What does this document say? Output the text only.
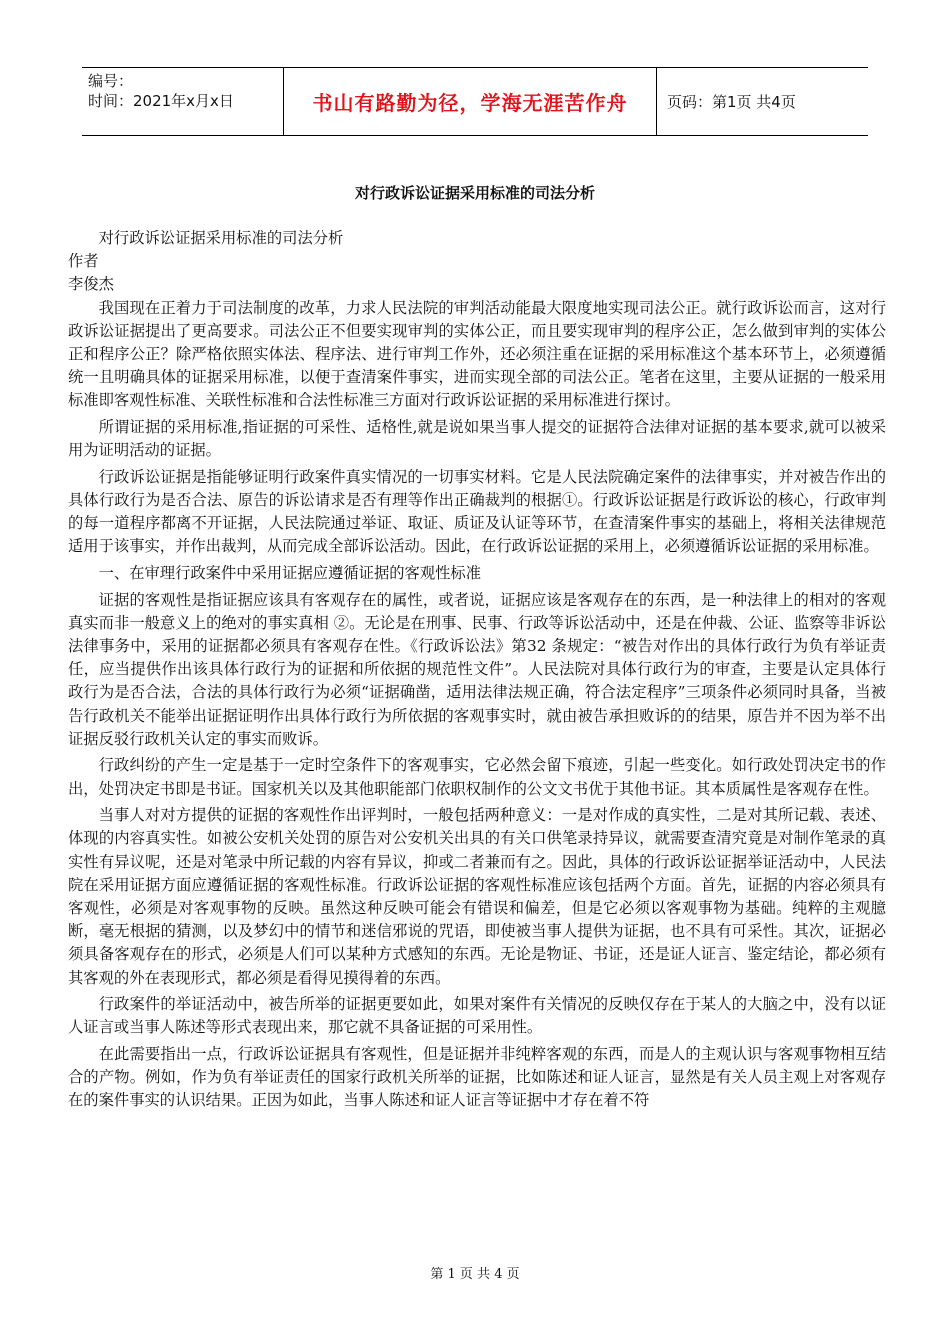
编号：
时间：2021年x月x日	书山有路勤为径，学海无涯苦作舟	页码：第1页 共4页
对行政诉讼证据采用标准的司法分析

对行政诉讼证据采用标准的司法分析

作者

李俊杰

我国现在正着力于司法制度的改革，力求人民法院的审判活动能最大限度地实现司法公正。就行政诉讼而言，这对行政诉讼证据提出了更高要求。司法公正不但要实现审判的实体公正，而且要实现审判的程序公正，怎么做到审判的实体公正和程序公正？除严格依照实体法、程序法、进行审判工作外，还必须注重在证据的采用标准这个基本环节上，必须遵循统一且明确具体的证据采用标准，以便于查清案件事实，进而实现全部的司法公正。笔者在这里，主要从证据的一般采用标准即客观性标准、关联性标准和合法性标准三方面对行政诉讼证据的采用标准进行探讨。

所谓证据的采用标准,指证据的可采性、适格性,就是说如果当事人提交的证据符合法律对证据的基本要求,就可以被采用为证明活动的证据。

行政诉讼证据是指能够证明行政案件真实情况的一切事实材料。它是人民法院确定案件的法律事实，并对被告作出的具体行政行为是否合法、原告的诉讼请求是否有理等作出正确裁判的根据①。行政诉讼证据是行政诉讼的核心，行政审判的每一道程序都离不开证据，人民法院通过举证、取证、质证及认证等环节，在查清案件事实的基础上，将相关法律规范适用于该事实，并作出裁判，从而完成全部诉讼活动。因此，在行政诉讼证据的采用上，必须遵循诉讼证据的采用标准。

一、在审理行政案件中采用证据应遵循证据的客观性标准

证据的客观性是指证据应该具有客观存在的属性，或者说，证据应该是客观存在的东西，是一种法律上的相对的客观真实而非一般意义上的绝对的事实真相 ②。无论是在刑事、民事、行政等诉讼活动中，还是在仲裁、公证、监察等非诉讼法律事务中，采用的证据都必须具有客观存在性。《行政诉讼法》第32 条规定：“被告对作出的具体行政行为负有举证责任，应当提供作出该具体行政行为的证据和所依据的规范性文件”。人民法院对具体行政行为的审查，主要是认定具体行政行为是否合法，合法的具体行政行为必须“证据确凿，适用法律法规正确，符合法定程序”三项条件必须同时具备，当被告行政机关不能举出证据证明作出具体行政行为所依据的客观事实时，就由被告承担败诉的的结果，原告并不因为举不出证据反驳行政机关认定的事实而败诉。

行政纠纷的产生一定是基于一定时空条件下的客观事实，它必然会留下痕迹，引起一些变化。如行政处罚决定书的作出，处罚决定书即是书证。国家机关以及其他职能部门依职权制作的公文文书优于其他书证。其本质属性是客观存在性。

当事人对对方提供的证据的客观性作出评判时，一般包括两种意义：一是对作成的真实性，二是对其所记载、表述、体现的内容真实性。如被公安机关处罚的原告对公安机关出具的有关口供笔录持异议，就需要查清究竟是对制作笔录的真实性有异议呢，还是对笔录中所记载的内容有异议，抑或二者兼而有之。因此，具体的行政诉讼证据举证活动中，人民法院在采用证据方面应遵循证据的客观性标准。行政诉讼证据的客观性标准应该包括两个方面。首先，证据的内容必须具有客观性，必须是对客观事物的反映。虽然这种反映可能会有错误和偏差，但是它必须以客观事物为基础。纯粹的主观臆断，毫无根据的猜测，以及梦幻中的情节和迷信邪说的咒语，即使被当事人提供为证据，也不具有可采性。其次，证据必须具备客观存在的形式，必须是人们可以某种方式感知的东西。无论是物证、书证，还是证人证言、鉴定结论，都必须有其客观的外在表现形式，都必须是看得见摸得着的东西。

行政案件的举证活动中，被告所举的证据更要如此，如果对案件有关情况的反映仅存在于某人的大脑之中，没有以证人证言或当事人陈述等形式表现出来，那它就不具备证据的可采用性。

在此需要指出一点，行政诉讼证据具有客观性，但是证据并非纯粹客观的东西，而是人的主观认识与客观事物相互结合的产物。例如，作为负有举证责任的国家行政机关所举的证据，比如陈述和证人证言，显然是有关人员主观上对客观存在的案件事实的认识结果。正因为如此，当事人陈述和证人证言等证据中才存在着不符

第 1 页 共 4 页
